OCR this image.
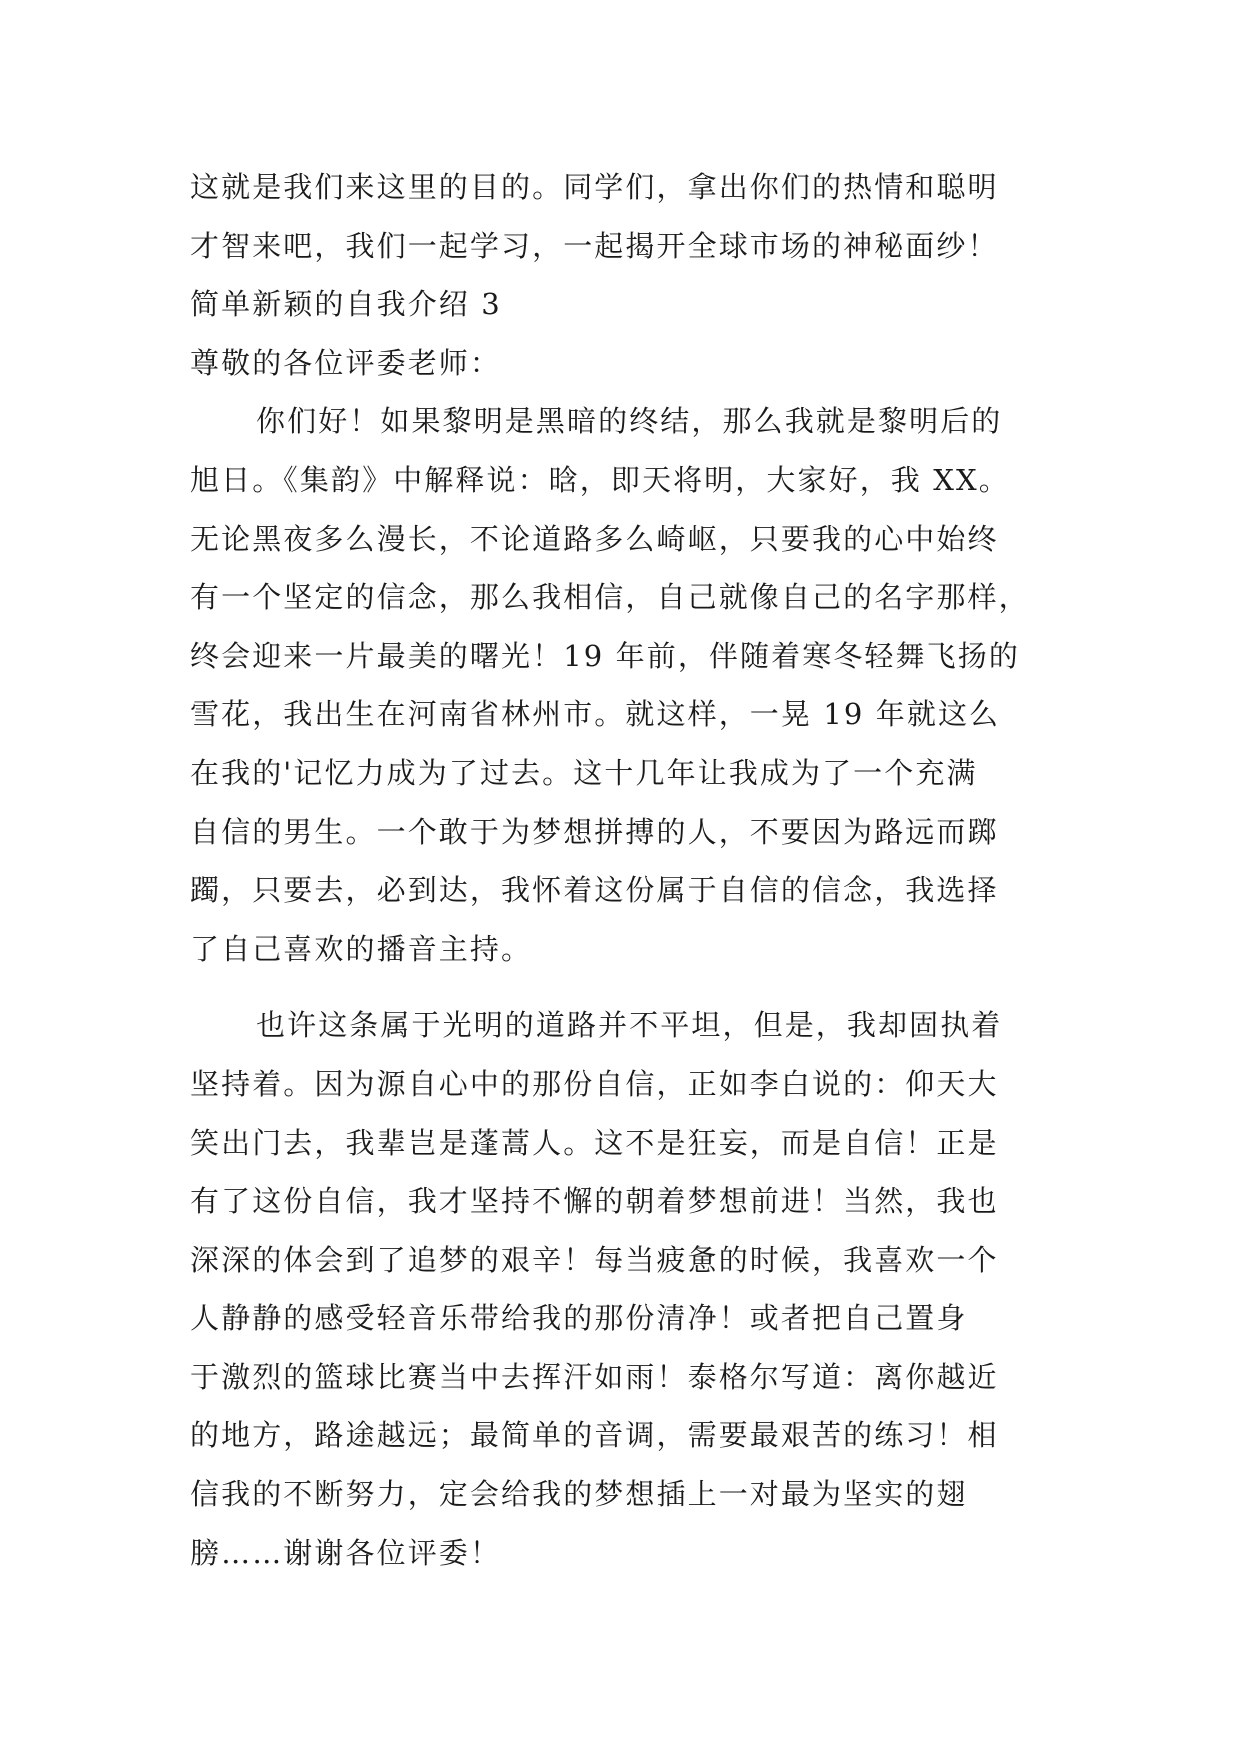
这就是我们来这里的目的。同学们，拿出你们的热情和聪明
才智来吧，我们一起学习，一起揭开全球市场的神秘面纱！
简单新颖的自我介绍 3
尊敬的各位评委老师：
你们好！如果黎明是黑暗的终结，那么我就是黎明后的
旭日。《集韵》中解释说：晗，即天将明，大家好，我 XX。
无论黑夜多么漫长，不论道路多么崎岖，只要我的心中始终
有一个坚定的信念，那么我相信，自己就像自己的名字那样，
终会迎来一片最美的曙光！19 年前，伴随着寒冬轻舞飞扬的
雪花，我出生在河南省林州市。就这样，一晃 19 年就这么
在我的'记忆力成为了过去。这十几年让我成为了一个充满
自信的男生。一个敢于为梦想拼搏的人，不要因为路远而踯
躅，只要去，必到达，我怀着这份属于自信的信念，我选择
了自己喜欢的播音主持。
也许这条属于光明的道路并不平坦，但是，我却固执着
坚持着。因为源自心中的那份自信，正如李白说的：仰天大
笑出门去，我辈岂是蓬蒿人。这不是狂妄，而是自信！正是
有了这份自信，我才坚持不懈的朝着梦想前进！当然，我也
深深的体会到了追梦的艰辛！每当疲惫的时候，我喜欢一个
人静静的感受轻音乐带给我的那份清净！或者把自己置身
于激烈的篮球比赛当中去挥汗如雨！泰格尔写道：离你越近
的地方，路途越远；最简单的音调，需要最艰苦的练习！相
信我的不断努力，定会给我的梦想插上一对最为坚实的翅
膀……谢谢各位评委！
